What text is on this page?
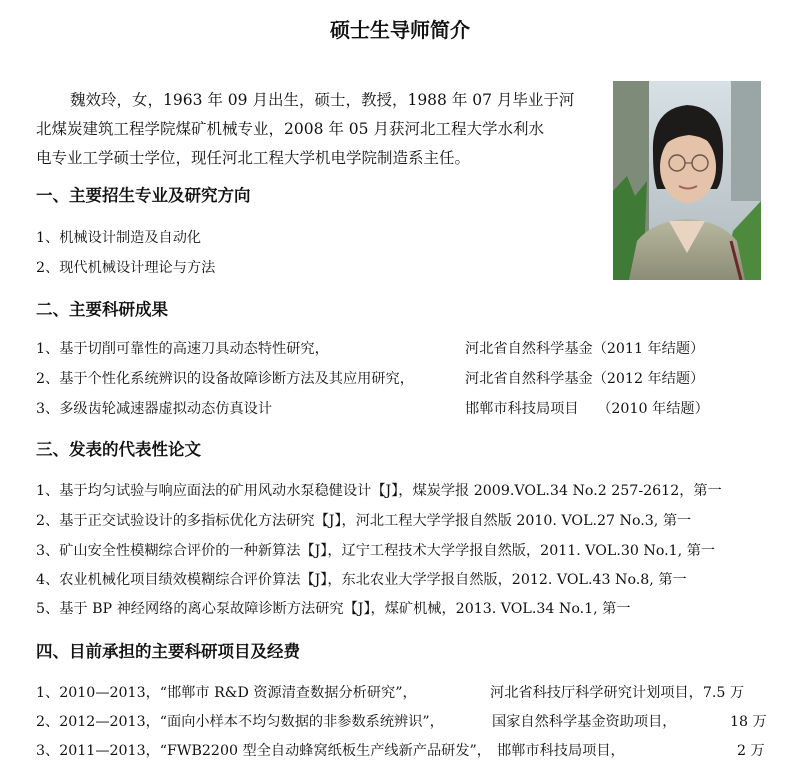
硕士生导师简介
魏效玲，女，1963 年 09 月出生，硕士，教授，1988 年 07 月毕业于河
北煤炭建筑工程学院煤矿机械专业，2008 年 05 月获河北工程大学水利水
电专业工学硕士学位，现任河北工程大学机电学院制造系主任。
一、主要招生专业及研究方向
1、机械设计制造及自动化
2、现代机械设计理论与方法
二、主要科研成果
1、基于切削可靠性的高速刀具动态特性研究，	河北省自然科学基金（2011 年结题）
2、基于个性化系统辨识的设备故障诊断方法及其应用研究，	河北省自然科学基金（2012 年结题）
3、多级齿轮减速器虚拟动态仿真设计	邯郸市科技局项目　 （2010 年结题）
三、发表的代表性论文
1、基于均匀试验与响应面法的矿用风动水泵稳健设计【J】，煤炭学报 2009.VOL.34 No.2 257-2612，第一
2、基于正交试验设计的多指标优化方法研究【J】，河北工程大学学报自然版 2010. VOL.27 No.3, 第一
3、矿山安全性模糊综合评价的一种新算法【J】，辽宁工程技术大学学报自然版，2011. VOL.30 No.1, 第一
4、农业机械化项目绩效模糊综合评价算法【J】，东北农业大学学报自然版，2012. VOL.43 No.8, 第一
5、基于 BP 神经网络的离心泵故障诊断方法研究【J】，煤矿机械，2013. VOL.34 No.1, 第一
四、目前承担的主要科研项目及经费
1、2010—2013，“邯郸市 R&D 资源清查数据分析研究”，	河北省科技厅科学研究计划项目，7.5 万
2、2012—2013，“面向小样本不均匀数据的非参数系统辨识”，	国家自然科学基金资助项目，	18 万
3、2011—2013，“FWB2200 型全自动蜂窝纸板生产线新产品研发”， 邯郸市科技局项目，	2 万
